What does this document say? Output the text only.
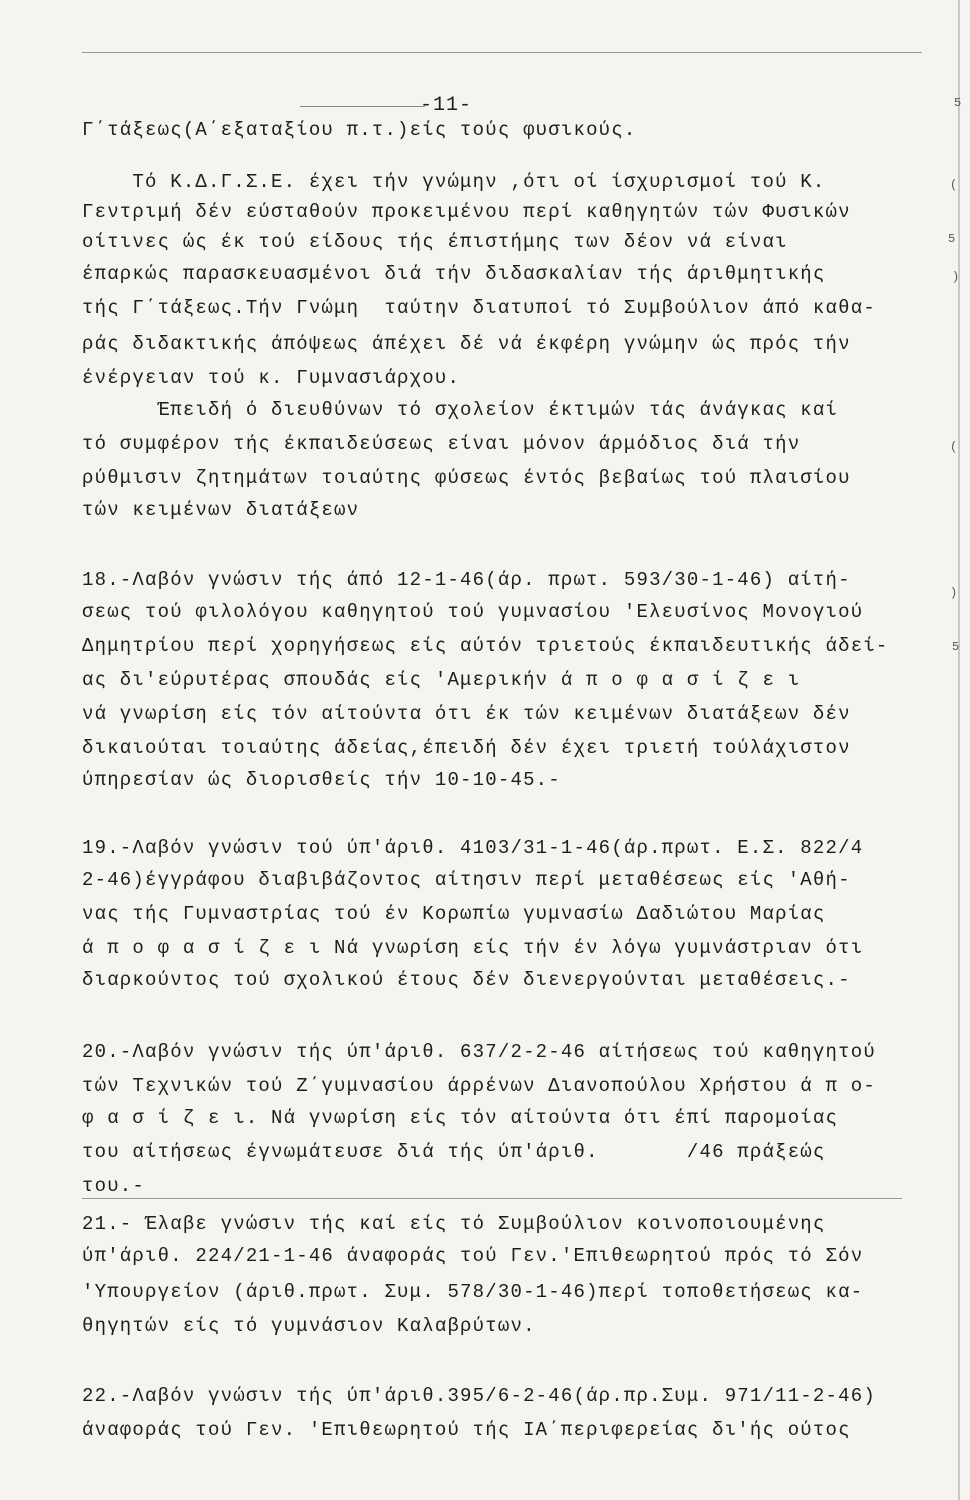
-11-
Γ΄τάξεως(Α΄εξαταξίου π.τ.)είς τούς φυσικούς.
Τό Κ.Δ.Γ.Σ.Ε. έχει τήν γνώμην ,ότι οί ίσχυρισμοί τού Κ.
Γεντριμή δέν εύσταθούν προκειμένου περί καθηγητών τών Φυσικών
οίτινες ώς έκ τού είδους τής έπιστήμης των δέον νά είναι
έπαρκώς παρασκευασμένοι διά τήν διδασκαλίαν τής άριθμητικής
τής Γ΄τάξεως.Τήν Γνώμη  ταύτην διατυποί τό Συμβούλιον άπό καθα-
ράς διδακτικής άπόψεως άπέχει δέ νά έκφέρη γνώμην ώς πρός τήν
ένέργειαν τού κ. Γυμνασιάρχου.
Έπειδή ό διευθύνων τό σχολείον έκτιμών τάς άνάγκας καί
τό συμφέρον τής έκπαιδεύσεως είναι μόνον άρμόδιος διά τήν
ρύθμισιν ζητημάτων τοιαύτης φύσεως έντός βεβαίως τού πλαισίου
τών κειμένων διατάξεων
18.-Λαβόν γνώσιν τής άπό 12-1-46(άρ. πρωτ. 593/30-1-46) αίτή-
σεως τού φιλολόγου καθηγητού τού γυμνασίου 'Ελευσίνος Μονογιού
Δημητρίου περί χορηγήσεως είς αύτόν τριετούς έκπαιδευτικής άδεί-
ας δι'εύρυτέρας σπουδάς είς 'Αμερικήν ά π ο φ α σ ί ζ ε ι
νά γνωρίση είς τόν αίτούντα ότι έκ τών κειμένων διατάξεων δέν
δικαιούται τοιαύτης άδείας,έπειδή δέν έχει τριετή τούλάχιστον
ύπηρεσίαν ώς διορισθείς τήν 10-10-45.-
19.-Λαβόν γνώσιν τού ύπ'άριθ. 4103/31-1-46(άρ.πρωτ. Ε.Σ. 822/4
2-46)έγγράφου διαβιβάζοντος αίτησιν περί μεταθέσεως είς 'Αθή-
νας τής Γυμναστρίας τού έν Κορωπίω γυμνασίω Δαδιώτου Μαρίας
ά π ο φ α σ ί ζ ε ι Νά γνωρίση είς τήν έν λόγω γυμνάστριαν ότι
διαρκούντος τού σχολικού έτους δέν διενεργούνται μεταθέσεις.-
20.-Λαβόν γνώσιν τής ύπ'άριθ. 637/2-2-46 αίτήσεως τού καθηγητού
τών Τεχνικών τού Ζ΄γυμνασίου άρρένων Διανοπούλου Χρήστου ά π ο-
φ α σ ί ζ ε ι. Νά γνωρίση είς τόν αίτούντα ότι έπί παρομοίας
του αίτήσεως έγνωμάτευσε διά τής ύπ'άριθ.       /46 πράξεώς
του.-
21.- Έλαβε γνώσιν τής καί είς τό Συμβούλιον κοινοποιουμένης
ύπ'άριθ. 224/21-1-46 άναφοράς τού Γεν.'Επιθεωρητού πρός τό Σόν
'Υπουργείον (άριθ.πρωτ. Συμ. 578/30-1-46)περί τοποθετήσεως κα-
θηγητών είς τό γυμνάσιον Καλαβρύτων.
22.-Λαβόν γνώσιν τής ύπ'άριθ.395/6-2-46(άρ.πρ.Συμ. 971/11-2-46)
άναφοράς τού Γεν. 'Επιθεωρητού τής ΙΑ΄περιφερείας δι'ής ούτος
5
(
5
)
(
)
5
